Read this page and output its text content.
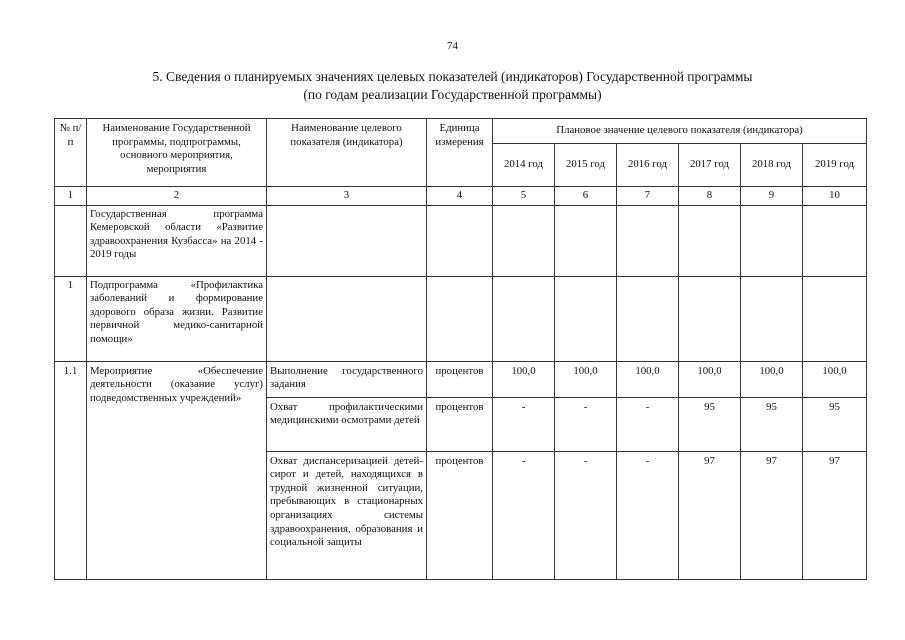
74
5. Сведения о планируемых значениях целевых показателей (индикаторов) Государственной программы
(по годам реализации Государственной программы)
№ п/п	Наименование Государственной программы, подпрограммы, основного мероприятия, мероприятия	Наименование целевого показателя (индикатора)	Единица измерения	Плановое значение целевого показателя (индикатора)					
				2014 год	2015 год	2016 год	2017 год	2018 год	2019 год
1	2	3	4	5	6	7	8	9	10
	Государственная программа Кемеровской области «Развитие здравоохранения Кузбасса» на 2014 - 2019 годы								
1	Подпрограмма «Профилактика заболеваний и формирование здорового образа жизни. Развитие первичной медико-санитарной помощи»								
1.1	Мероприятие «Обеспечение деятельности (оказание услуг) подведомственных учреждений»	Выполнение государственного задания	процентов	100,0	100,0	100,0	100,0	100,0	100,0
		Охват профилактическими медицинскими осмотрами детей	процентов	-	-	-	95	95	95
		Охват диспансеризацией детей-сирот и детей, находящихся в трудной жизненной ситуации, пребывающих в стационарных организациях системы здравоохранения, образования и социальной защиты	процентов	-	-	-	97	97	97
